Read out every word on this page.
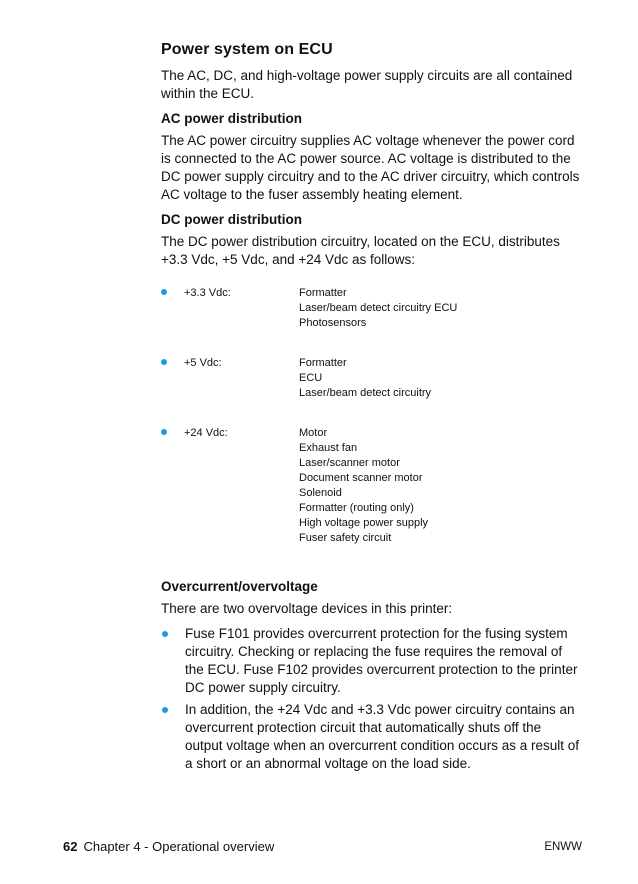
Power system on ECU
The AC, DC, and high-voltage power supply circuits are all contained within the ECU.
AC power distribution
The AC power circuitry supplies AC voltage whenever the power cord is connected to the AC power source. AC voltage is distributed to the DC power supply circuitry and to the AC driver circuitry, which controls AC voltage to the fuser assembly heating element.
DC power distribution
The DC power distribution circuitry, located on the ECU, distributes +3.3 Vdc, +5 Vdc, and +24 Vdc as follows:
+3.3 Vdc:	Formatter
Laser/beam detect circuitry ECU
Photosensors
+5 Vdc:	Formatter
ECU
Laser/beam detect circuitry
+24 Vdc:	Motor
Exhaust fan
Laser/scanner motor
Document scanner motor
Solenoid
Formatter (routing only)
High voltage power supply
Fuser safety circuit
Overcurrent/overvoltage
There are two overvoltage devices in this printer:
Fuse F101 provides overcurrent protection for the fusing system circuitry. Checking or replacing the fuse requires the removal of the ECU. Fuse F102 provides overcurrent protection to the printer DC power supply circuitry.
In addition, the +24 Vdc and +3.3 Vdc power circuitry contains an overcurrent protection circuit that automatically shuts off the output voltage when an overcurrent condition occurs as a result of a short or an abnormal voltage on the load side.
62 Chapter 4 - Operational overview	ENWW
